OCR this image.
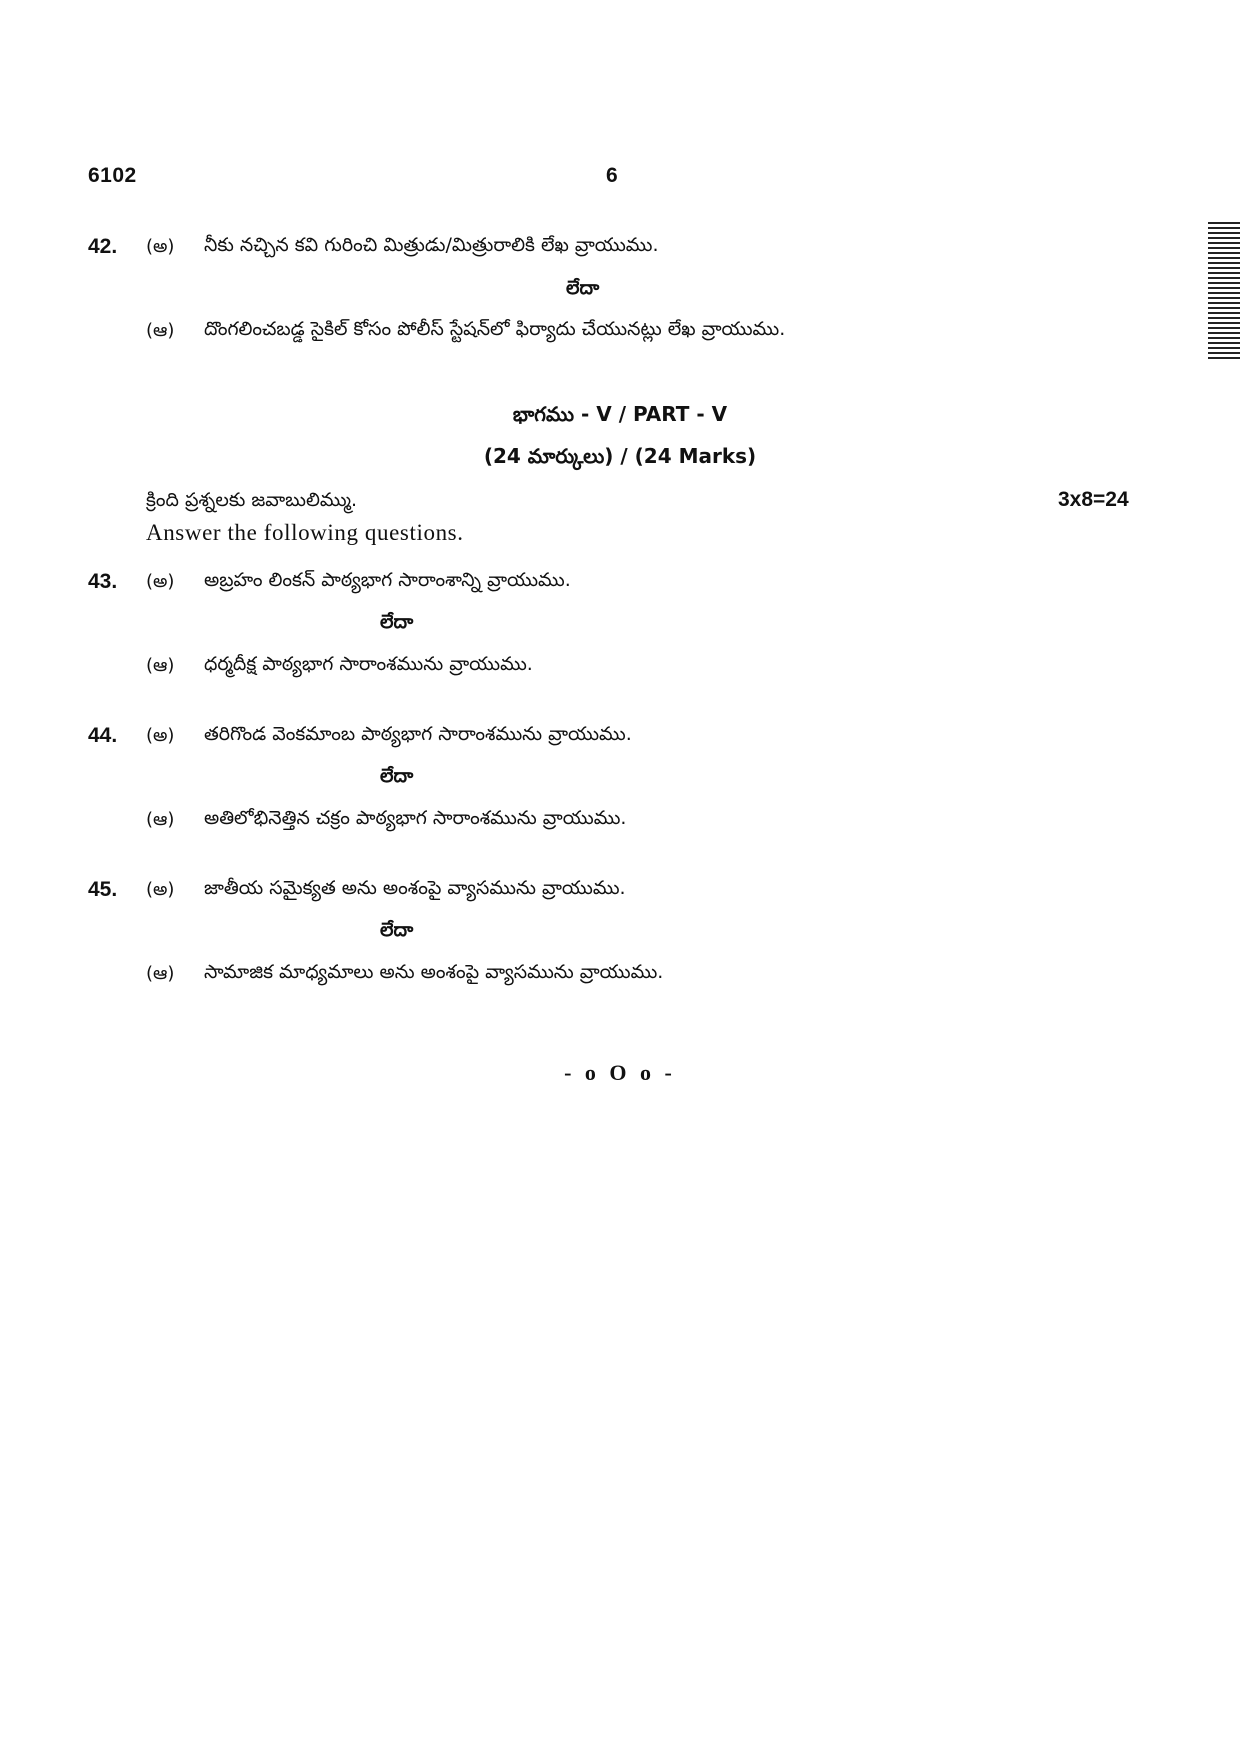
6102	6
42. (అ) నీకు నచ్చిన కవి గురించి మిత్రుడు/మిత్రురాలికి లేఖ వ్రాయుము.
లేదా
(ఆ) దొంగలించబడ్డ సైకిల్ కోసం పోలీస్ స్టేషన్‌లో ఫిర్యాదు చేయునట్లు లేఖ వ్రాయుము.
భాగము - V / PART - V
(24 మార్కులు) / (24 Marks)
క్రింది ప్రశ్నలకు జవాబులిమ్ము.	3x8=24
Answer the following questions.
43. (అ) అబ్రహం లింకన్ పాఠ్యభాగ సారాంశాన్ని వ్రాయుము.
లేదా
(ఆ) ధర్మదీక్ష పాఠ్యభాగ సారాంశమును వ్రాయుము.
44. (అ) తరిగొండ వెంకమాంబ పాఠ్యభాగ సారాంశమును వ్రాయుము.
లేదా
(ఆ) అతిలోభినెత్తిన చక్రం పాఠ్యభాగ సారాంశమును వ్రాయుము.
45. (అ) జాతీయ సమైక్యత అను అంశంపై వ్యాసమును వ్రాయుము.
లేదా
(ఆ) సామాజిక మాధ్యమాలు అను అంశంపై వ్యాసమును వ్రాయుము.
- o O o -
